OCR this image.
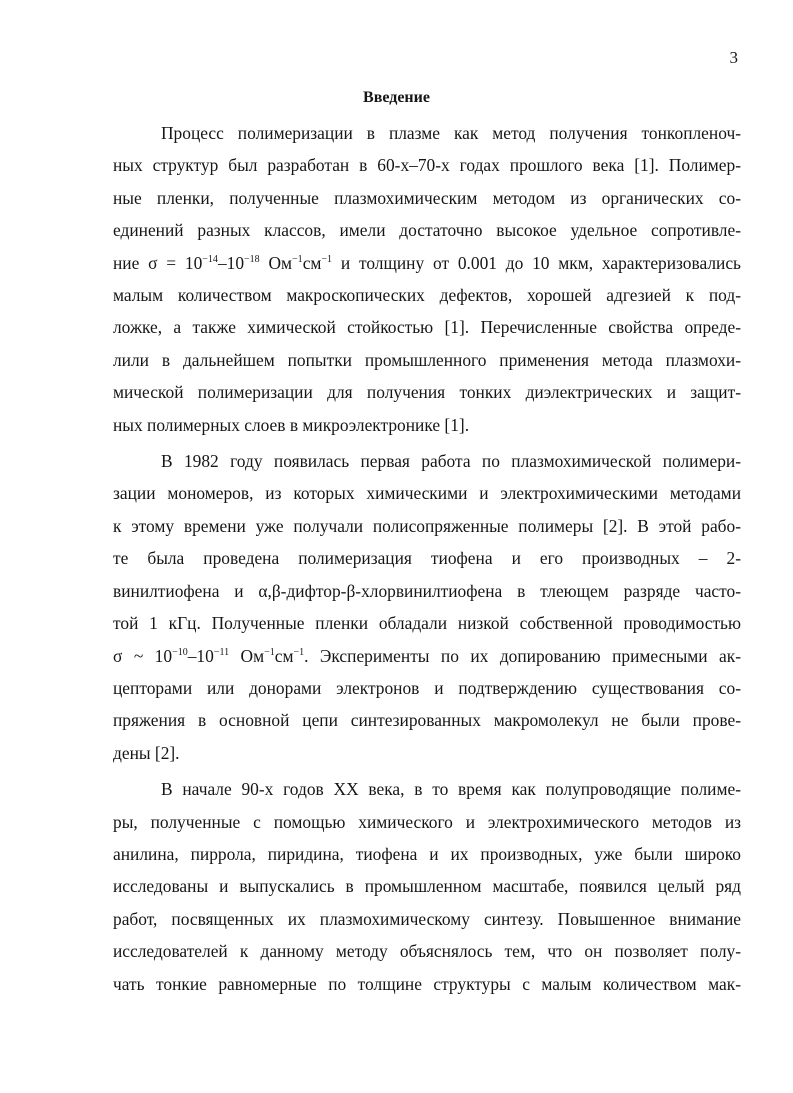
3
Введение
Процесс полимеризации в плазме как метод получения тонкопленоч-
ных структур был разработан в 60-х–70-х годах прошлого века [1]. Полимер-
ные пленки, полученные плазмохимическим методом из органических со-
единений разных классов, имели достаточно высокое удельное сопротивле-
ние $\sigma = 10^{-14}-10^{-18}$ $Ом^{-1}см^{-1}$ и толщину от 0.001 до 10 мкм, характеризовались
малым количеством макроскопических дефектов, хорошей адгезией к под-
ложке, а также химической стойкостью [1]. Перечисленные свойства опреде-
лили в дальнейшем попытки промышленного применения метода плазмохи-
мической полимеризации для получения тонких диэлектрических и защит-
ных полимерных слоев в микроэлектронике [1].
В 1982 году появилась первая работа по плазмохимической полимери-
зации мономеров, из которых химическими и электрохимическими методами
к этому времени уже получали полисопряженные полимеры [2]. В этой рабо-
те была проведена полимеризация тиофена и его производных – 2-
винилтиофена и α,β-дифтор-β-хлорвинилтиофена в тлеющем разряде часто-
той 1 кГц. Полученные пленки обладали низкой собственной проводимостью
σ ~ $10^{-10}-10^{-11}$ $Ом^{-1}см^{-1}$. Эксперименты по их допированию примесными ак-
цепторами или донорами электронов и подтверждению существования со-
пряжения в основной цепи синтезированных макромолекул не были прове-
дены [2].
В начале 90-х годов XX века, в то время как полупроводящие полиме-
ры, полученные с помощью химического и электрохимического методов из
анилина, пиррола, пиридина, тиофена и их производных, уже были широко
исследованы и выпускались в промышленном масштабе, появился целый ряд
работ, посвященных их плазмохимическому синтезу. Повышенное внимание
исследователей к данному методу объяснялось тем, что он позволяет полу-
чать тонкие равномерные по толщине структуры с малым количеством мак-
